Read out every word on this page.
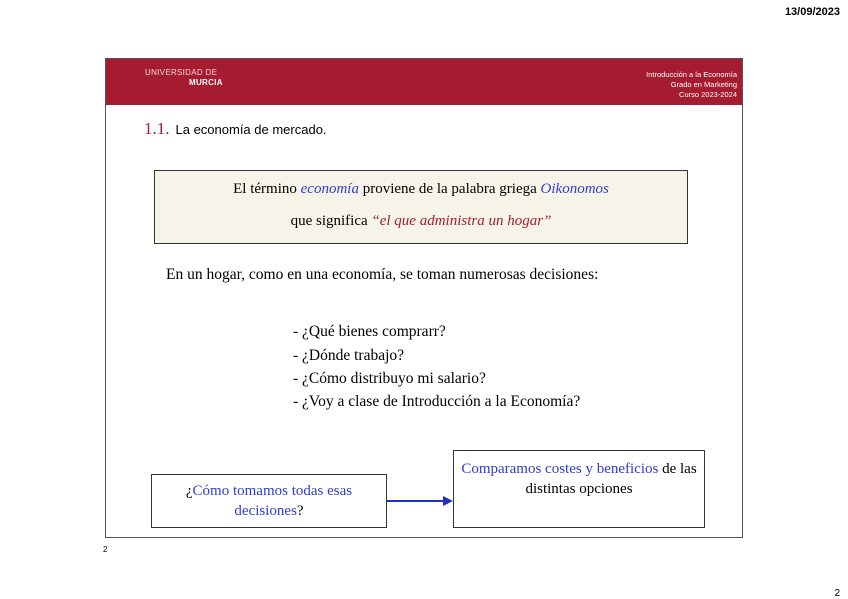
13/09/2023
UNIVERSIDAD DE
MURCIA
Introducción a la Economía
Grado en Marketing
Curso 2023-2024
1.1. La economía de mercado.
El término economía proviene de la palabra griega Oikonomos
que significa “el que administra un hogar”
En un hogar, como en una economía, se toman numerosas decisiones:
- ¿Qué bienes comprarr?
- ¿Dónde trabajo?
- ¿Cómo distribuyo mi salario?
- ¿Voy a clase de Introducción a la Economía?
¿Cómo tomamos todas esas decisiones?
Comparamos costes y beneficios de las distintas opciones
2
2
